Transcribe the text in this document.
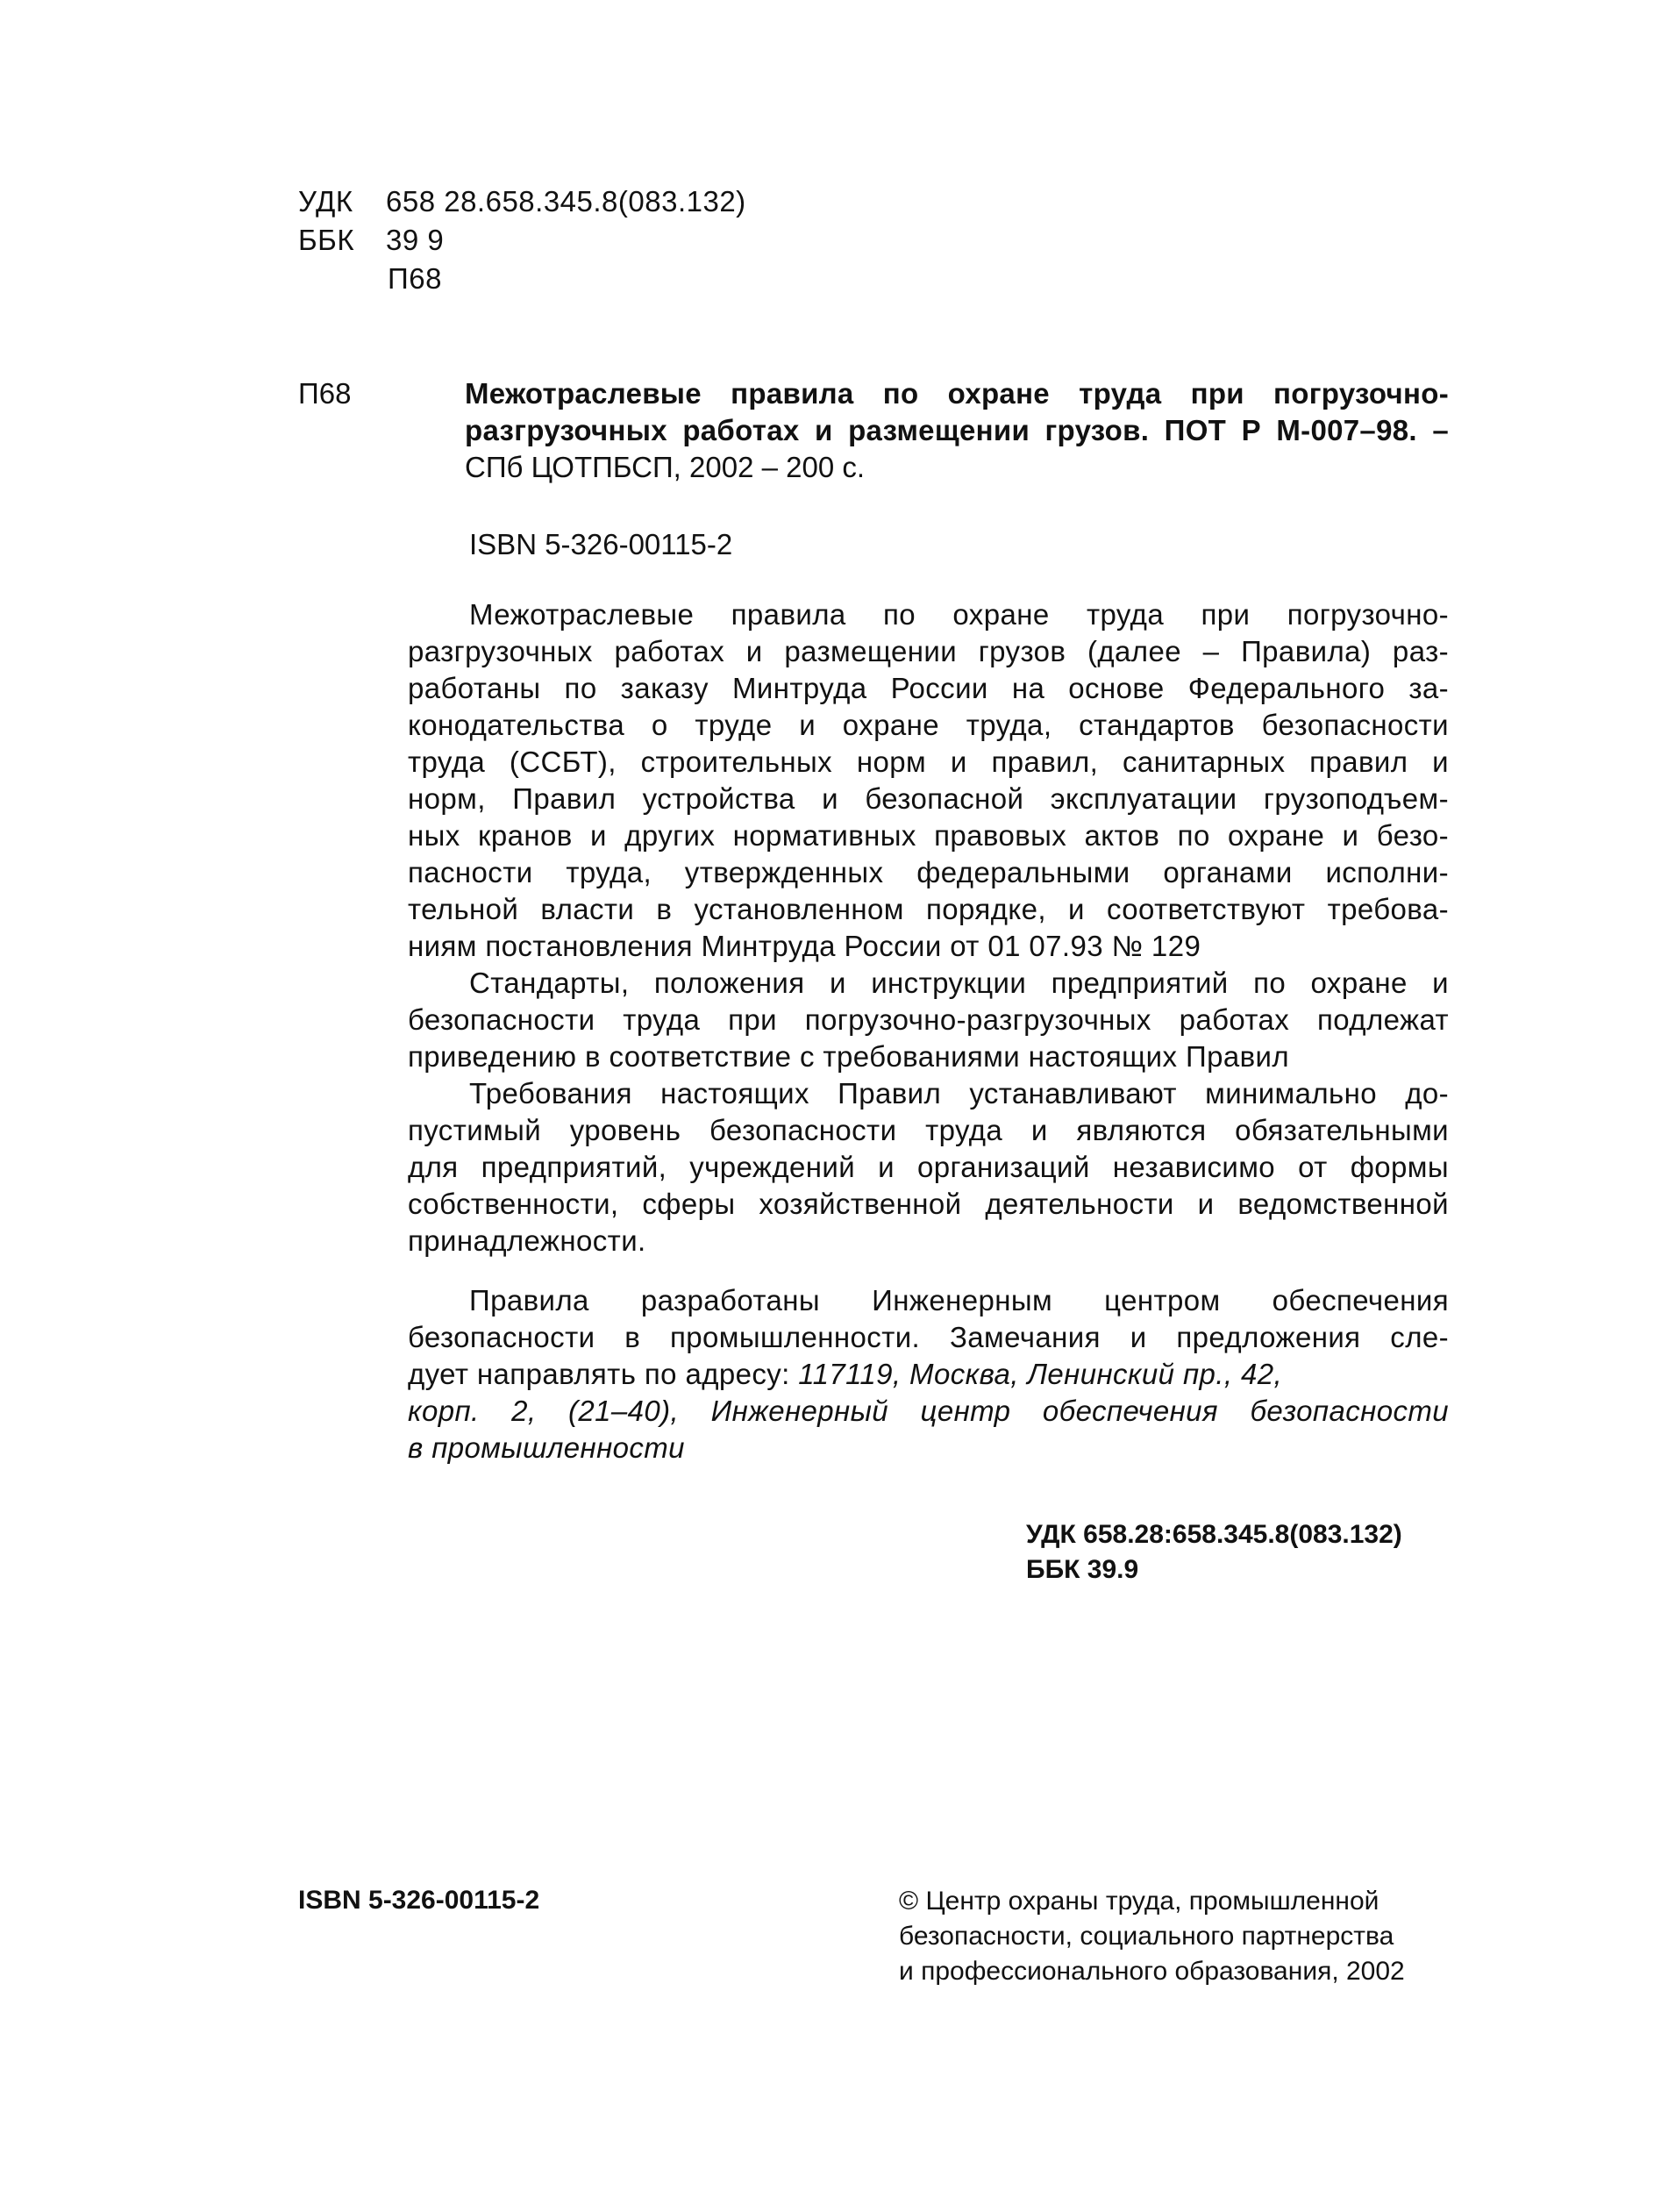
УДК 658 28.658.345.8(083.132)
ББК 39 9
П68
П68	Межотраслевые правила по охране труда при погрузочно-
разгрузочных работах и размещении грузов. ПОТ Р М-007–98. –
СПб ЦОТПБСП, 2002 – 200 с.
ISBN 5-326-00115-2
Межотраслевые правила по охране труда при погрузочно-
разгрузочных работах и размещении грузов (далее – Правила) раз-
работаны по заказу Минтруда России на основе Федерального за-
конодательства о труде и охране труда, стандартов безопасности
труда (ССБТ), строительных норм и правил, санитарных правил и
норм, Правил устройства и безопасной эксплуатации грузоподъем-
ных кранов и других нормативных правовых актов по охране и безо-
пасности труда, утвержденных федеральными органами исполни-
тельной власти в установленном порядке, и соответствуют требова-
ниям постановления Минтруда России от 01 07.93 № 129
Стандарты, положения и инструкции предприятий по охране и
безопасности труда при погрузочно-разгрузочных работах подлежат
приведению в соответствие с требованиями настоящих Правил
Требования настоящих Правил устанавливают минимально до-
пустимый уровень безопасности труда и являются обязательными
для предприятий, учреждений и организаций независимо от формы
собственности, сферы хозяйственной деятельности и ведомственной
принадлежности.
Правила разработаны Инженерным центром обеспечения
безопасности в промышленности. Замечания и предложения сле-
дует направлять по адресу: 117119, Москва, Ленинский пр., 42,
корп. 2, (21–40), Инженерный центр обеспечения безопасности
в промышленности
УДК 658.28:658.345.8(083.132)
ББК 39.9
ISBN 5-326-00115-2	© Центр охраны труда, промышленной
безопасности, социального партнерства
и профессионального образования, 2002
